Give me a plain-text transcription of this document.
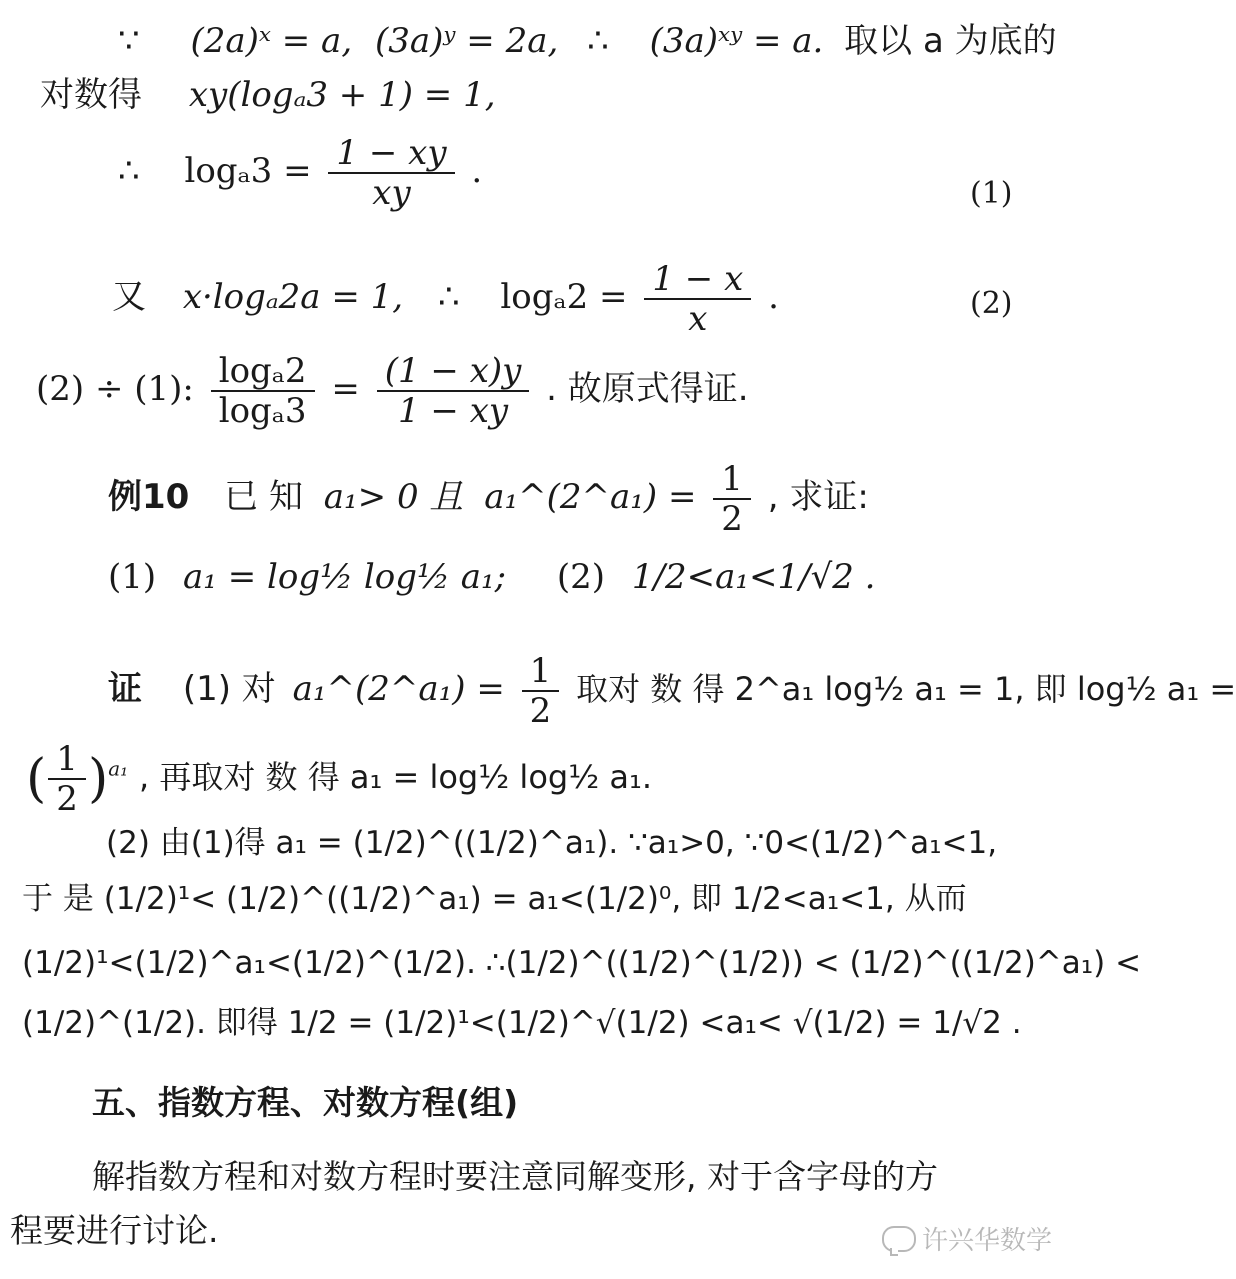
∵ (2a)ˣ = a, (3a)ʸ = 2a, ∴ (3a)ˣʸ = a. 取以 a 为底的
对数得 xy(logₐ3 + 1) = 1,
∴ $\log_a3 = \frac{1 - xy}{xy}$ .
(1)
又 x·logₐ2a = 1, ∴ $\log_a2 = \frac{1 - x}{x}$ .	(2)
(2) ÷ (1): $\frac{\text{logₐ2}}{\text{logₐ3}} = \frac{(1 - x)y}{1 - xy}$ . 故原式得证.
例10 已 知 a₁> 0 且 a₁^(2^a₁) = $\frac{1}{2}$ , 求证:
(1) a₁ = log½ log½ a₁; (2) 1/2<a₁<1/√2 .
证 (1) 对 a₁^(2^a₁) = $\frac{1}{2}$ 取对 数 得 2^a₁ log½ a₁ = 1, 即 log½ a₁ =
( $\frac{1}{2} )^{a_1}$ , 再取对 数 得 a₁ = log½ log½ a₁.
(2) 由(1)得 a₁ = (1/2)^((1/2)^a₁). ∵a₁>0, ∵0<(1/2)^a₁<1,
于 是 (1/2)¹< (1/2)^((1/2)^a₁) = a₁<(1/2)⁰, 即 1/2<a₁<1, 从而
(1/2)¹<(1/2)^a₁<(1/2)^(1/2). ∴(1/2)^((1/2)^(1/2)) < (1/2)^((1/2)^a₁) <
(1/2)^(1/2). 即得 1/2 = (1/2)¹<(1/2)^√(1/2) <a₁< √(1/2) = 1/√2 .
五、指数方程、对数方程(组)
解指数方程和对数方程时要注意同解变形, 对于含字母的方
程要进行讨论.	许兴华数学
